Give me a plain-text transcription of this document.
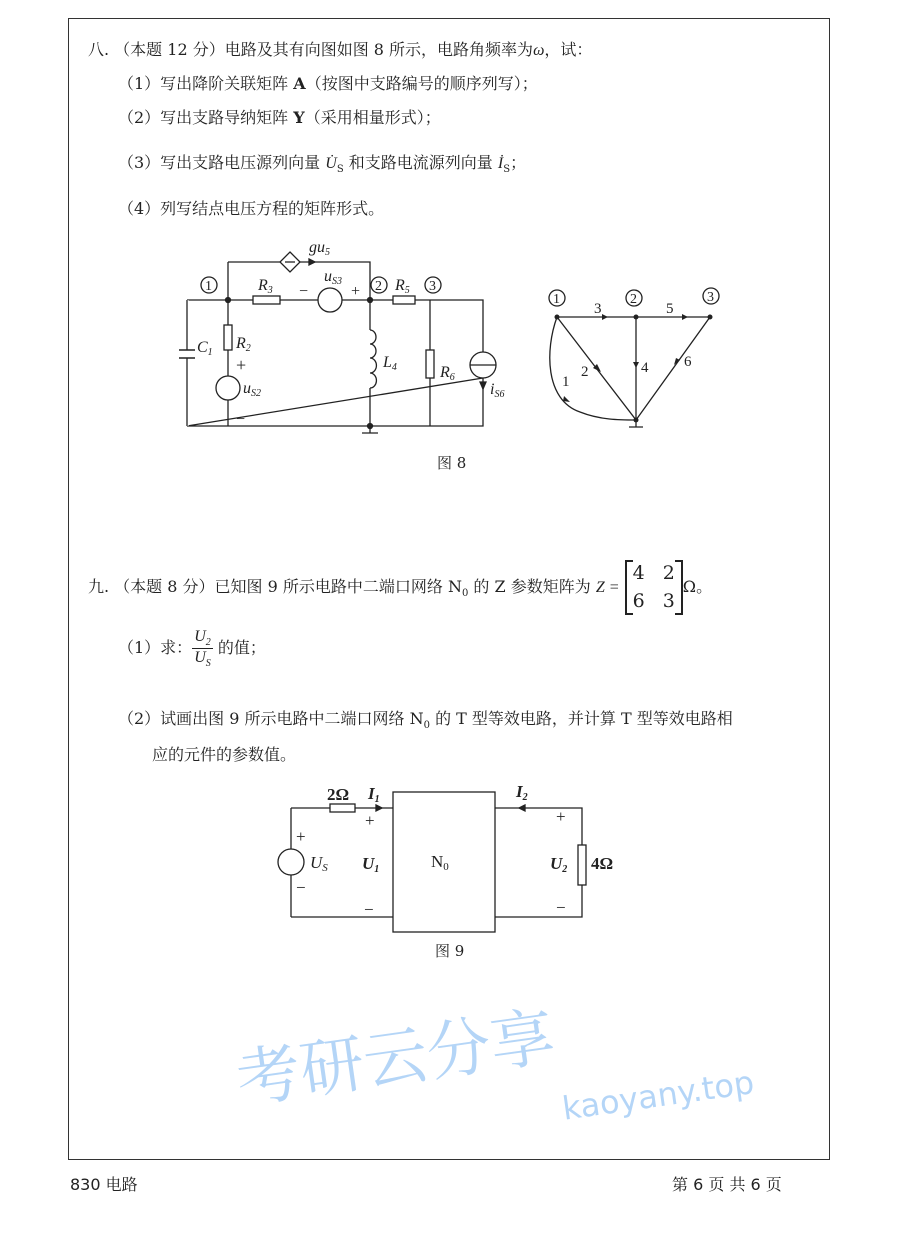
八. （本题 12 分）电路及其有向图如图 8 所示，电路角频率为ω，试：
（1）写出降阶关联矩阵 A（按图中支路编号的顺序列写）；
（2）写出支路导纳矩阵 Y（采用相量形式）；
（3）写出支路电压源列向量 $U̇_S$ 和支路电流源列向量 $İ_S$；
（4）列写结点电压方程的矩阵形式。
1	2	3
gu5
R3
uS3
−	+ R5
C1
R2
+
uS2
−
L4	R6
iS6
1	2	3
1
2
3
4
5
6
图 8
九. （本题 8 分）已知图 9 所示电路中二端口网络 $N_0$ 的 Z 参数矩阵为 Z =
4 2
6 3
Ω。
（1）求： $\frac{U_2}{U_S}$ 的值；
（2）试画出图 9 所示电路中二端口网络 $N_0$ 的 T 型等效电路，并计算 T 型等效电路相
应的元件的参数值。
2Ω I1	I2
+
−
+
−
+
−
US U1	N0	U2 4Ω
图 9
考研云分享 kaoyany.top
830 电路	第 6 页 共 6 页
